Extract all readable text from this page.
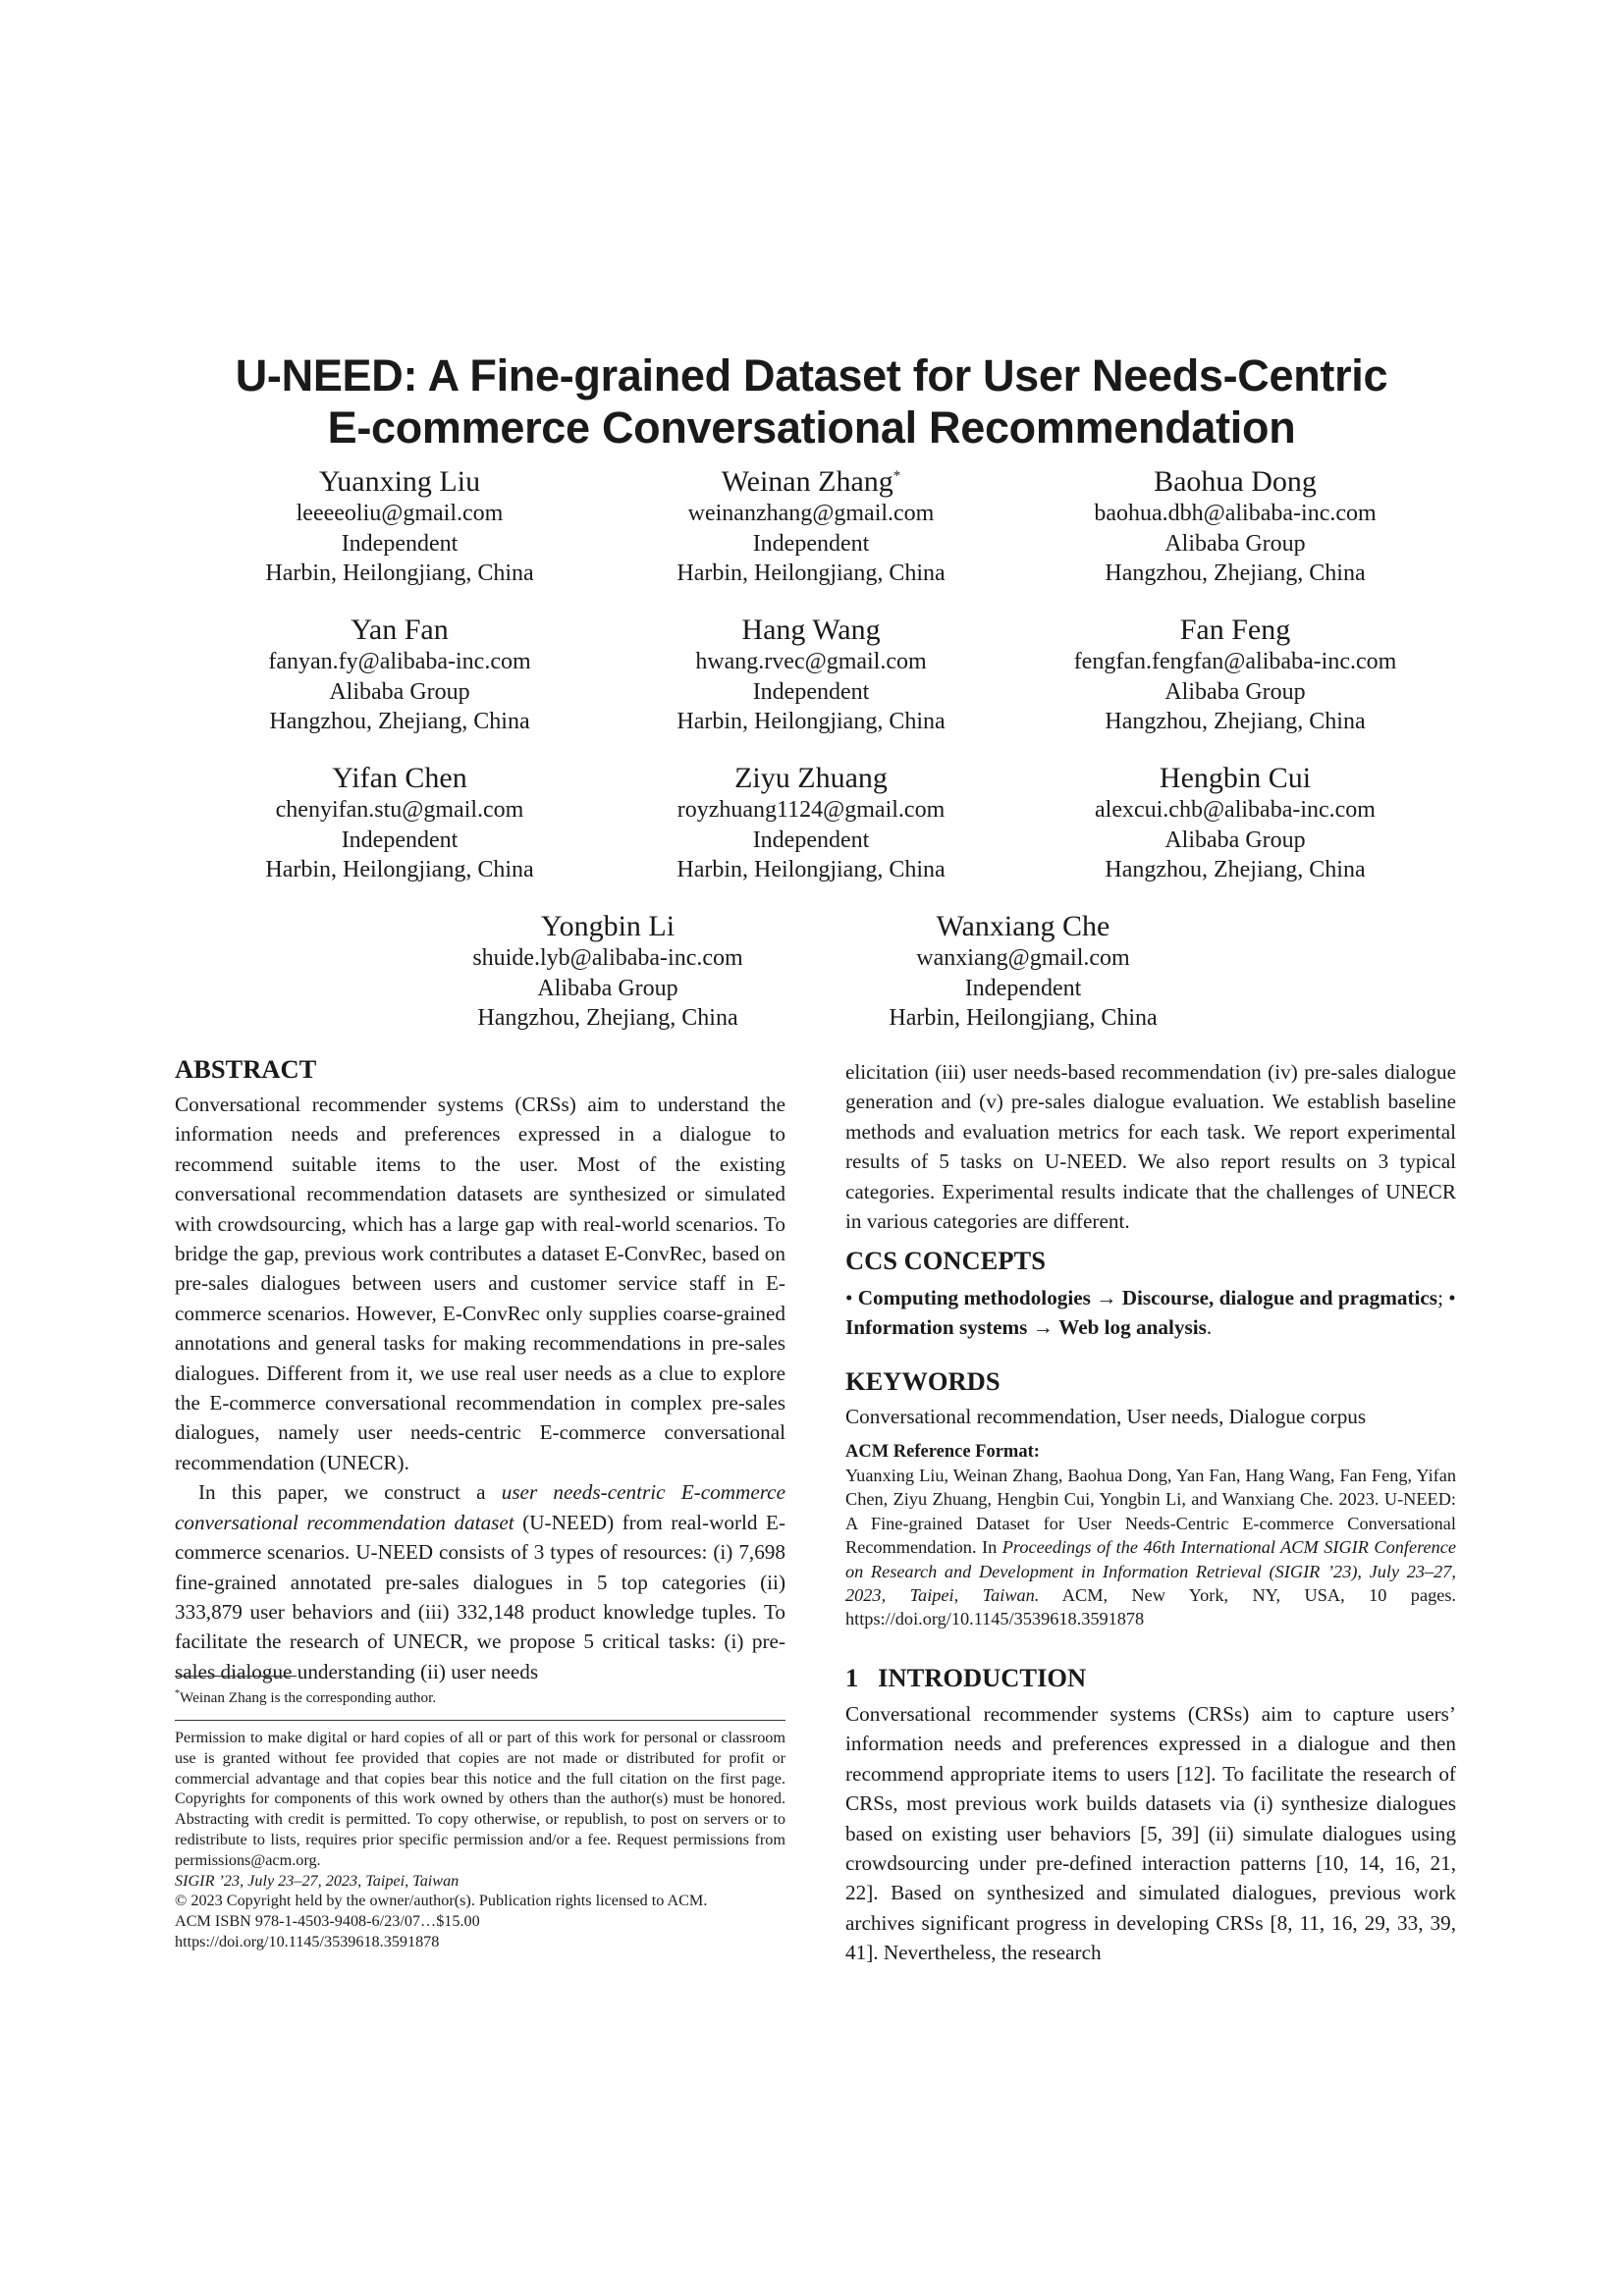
U-NEED: A Fine-grained Dataset for User Needs-Centric
E-commerce Conversational Recommendation
Yuanxing Liu
leeeeoliu@gmail.com
Independent
Harbin, Heilongjiang, China
Weinan Zhang*
weinanzhang@gmail.com
Independent
Harbin, Heilongjiang, China
Baohua Dong
baohua.dbh@alibaba-inc.com
Alibaba Group
Hangzhou, Zhejiang, China
Yan Fan
fanyan.fy@alibaba-inc.com
Alibaba Group
Hangzhou, Zhejiang, China
Hang Wang
hwang.rvec@gmail.com
Independent
Harbin, Heilongjiang, China
Fan Feng
fengfan.fengfan@alibaba-inc.com
Alibaba Group
Hangzhou, Zhejiang, China
Yifan Chen
chenyifan.stu@gmail.com
Independent
Harbin, Heilongjiang, China
Ziyu Zhuang
royzhuang1124@gmail.com
Independent
Harbin, Heilongjiang, China
Hengbin Cui
alexcui.chb@alibaba-inc.com
Alibaba Group
Hangzhou, Zhejiang, China
Yongbin Li
shuide.lyb@alibaba-inc.com
Alibaba Group
Hangzhou, Zhejiang, China
Wanxiang Che
wanxiang@gmail.com
Independent
Harbin, Heilongjiang, China
ABSTRACT

Conversational recommender systems (CRSs) aim to understand the information needs and preferences expressed in a dialogue to recommend suitable items to the user. Most of the existing conversational recommendation datasets are synthesized or simulated with crowdsourcing, which has a large gap with real-world scenarios. To bridge the gap, previous work contributes a dataset E-ConvRec, based on pre-sales dialogues between users and customer service staff in E-commerce scenarios. However, E-ConvRec only supplies coarse-grained annotations and general tasks for making recommendations in pre-sales dialogues. Different from it, we use real user needs as a clue to explore the E-commerce conversational recommendation in complex pre-sales dialogues, namely user needs-centric E-commerce conversational recommendation (UNECR).

In this paper, we construct a user needs-centric E-commerce conversational recommendation dataset (U-NEED) from real-world E-commerce scenarios. U-NEED consists of 3 types of resources: (i) 7,698 fine-grained annotated pre-sales dialogues in 5 top categories (ii) 333,879 user behaviors and (iii) 332,148 product knowledge tuples. To facilitate the research of UNECR, we propose 5 critical tasks: (i) pre-sales dialogue understanding (ii) user needs

*Weinan Zhang is the corresponding author.
Permission to make digital or hard copies of all or part of this work for personal or classroom use is granted without fee provided that copies are not made or distributed for profit or commercial advantage and that copies bear this notice and the full citation on the first page. Copyrights for components of this work owned by others than the author(s) must be honored. Abstracting with credit is permitted. To copy otherwise, or republish, to post on servers or to redistribute to lists, requires prior specific permission and/or a fee. Request permissions from permissions@acm.org.
SIGIR ’23, July 23–27, 2023, Taipei, Taiwan
© 2023 Copyright held by the owner/author(s). Publication rights licensed to ACM.
ACM ISBN 978-1-4503-9408-6/23/07…$15.00
https://doi.org/10.1145/3539618.3591878
elicitation (iii) user needs-based recommendation (iv) pre-sales dialogue generation and (v) pre-sales dialogue evaluation. We establish baseline methods and evaluation metrics for each task. We report experimental results of 5 tasks on U-NEED. We also report results on 3 typical categories. Experimental results indicate that the challenges of UNECR in various categories are different.
CCS CONCEPTS
• Computing methodologies → Discourse, dialogue and pragmatics; • Information systems → Web log analysis.
KEYWORDS
Conversational recommendation, User needs, Dialogue corpus
ACM Reference Format:
Yuanxing Liu, Weinan Zhang, Baohua Dong, Yan Fan, Hang Wang, Fan Feng, Yifan Chen, Ziyu Zhuang, Hengbin Cui, Yongbin Li, and Wanxiang Che. 2023. U-NEED: A Fine-grained Dataset for User Needs-Centric E-commerce Conversational Recommendation. In Proceedings of the 46th International ACM SIGIR Conference on Research and Development in Information Retrieval (SIGIR ’23), July 23–27, 2023, Taipei, Taiwan. ACM, New York, NY, USA, 10 pages. https://doi.org/10.1145/3539618.3591878
1 INTRODUCTION
Conversational recommender systems (CRSs) aim to capture users’ information needs and preferences expressed in a dialogue and then recommend appropriate items to users [12]. To facilitate the research of CRSs, most previous work builds datasets via (i) synthesize dialogues based on existing user behaviors [5, 39] (ii) simulate dialogues using crowdsourcing under pre-defined interaction patterns [10, 14, 16, 21, 22]. Based on synthesized and simulated dialogues, previous work archives significant progress in developing CRSs [8, 11, 16, 29, 33, 39, 41]. Nevertheless, the research
